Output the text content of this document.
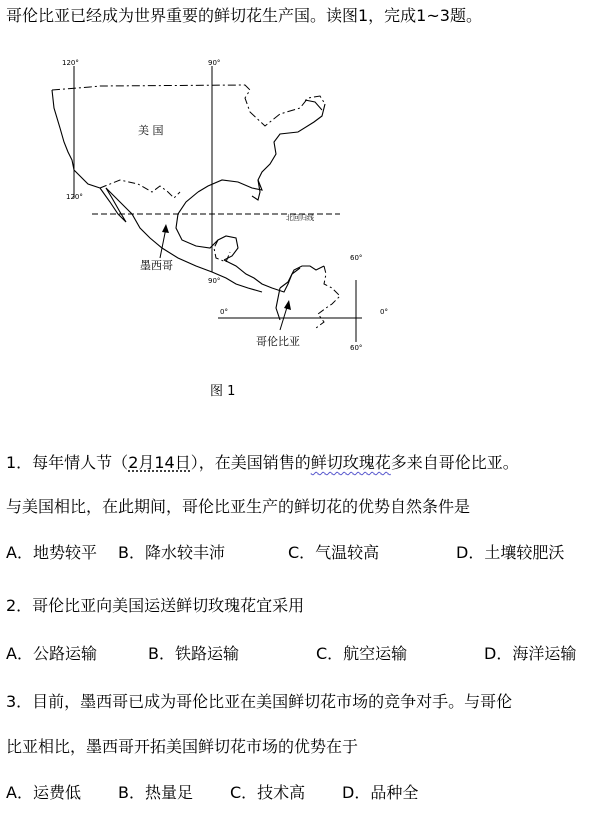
哥伦比亚已经成为世界重要的鲜切花生产国。读图1，完成1~3题。
120°	90°
120°
美 国
北回归线
墨西哥
90°
60°
0°	0°
哥伦比亚	60°
图 1
1．每年情人节（2月14日），在美国销售的鲜切玫瑰花多来自哥伦比亚。
与美国相比，在此期间，哥伦比亚生产的鲜切花的优势自然条件是
A．地势较平 B．降水较丰沛	C．气温较高	D．土壤较肥沃
2．哥伦比亚向美国运送鲜切玫瑰花宜采用
A．公路运输	B．铁路运输	C．航空运输	D．海洋运输
3．目前，墨西哥已成为哥伦比亚在美国鲜切花市场的竞争对手。与哥伦
比亚相比，墨西哥开拓美国鲜切花市场的优势在于
A．运费低 B．热量足 C．技术高 D．品种全
